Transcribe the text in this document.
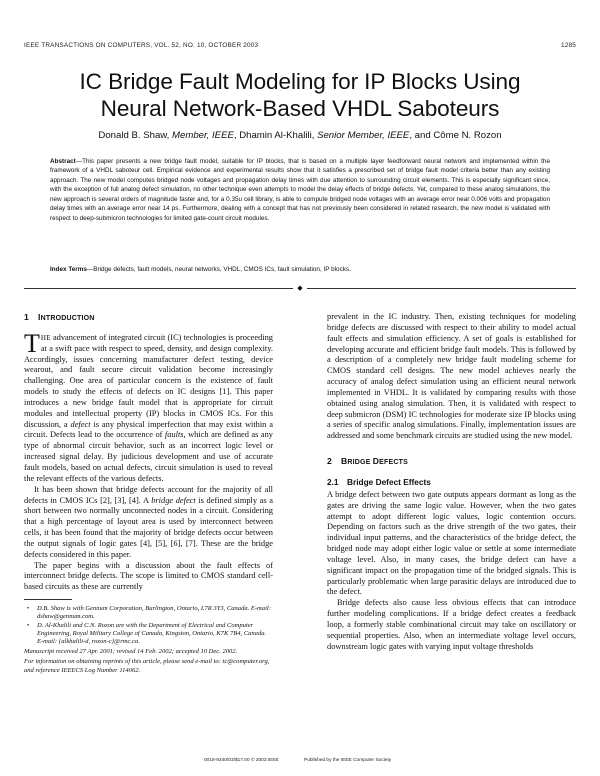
IEEE TRANSACTIONS ON COMPUTERS, VOL. 52, NO. 10, OCTOBER 2003	1285
IC Bridge Fault Modeling for IP Blocks Using
Neural Network-Based VHDL Saboteurs
Donald B. Shaw, Member, IEEE, Dhamin Al-Khalili, Senior Member, IEEE, and Côme N. Rozon
Abstract—This paper presents a new bridge fault model, suitable for IP blocks, that is based on a multiple layer feedforward neural network and implemented within the framework of a VHDL saboteur cell. Empirical evidence and experimental results show that it satisfies a prescribed set of bridge fault model criteria better than any existing approach. The new model computes bridged node voltages and propagation delay times with due attention to surrounding circuit elements. This is especially significant since, with the exception of full analog defect simulation, no other technique even attempts to model the delay effects of bridge defects. Yet, compared to these analog simulations, the new approach is several orders of magnitude faster and, for a 0.35u cell library, is able to compute bridged node voltages with an average error near 0.006 volts and propagation delay times with an average error near 14 ps. Furthermore, dealing with a concept that has not previously been considered in related research, the new model is validated with respect to deep-submicron technologies for limited gate-count circuit modules.
Index Terms—Bridge defects, fault models, neural networks, VHDL, CMOS ICs, fault simulation, IP blocks.
◆
1 INTRODUCTION

THE advancement of integrated circuit (IC) technologies is proceeding at a swift pace with respect to speed, density, and design complexity. Accordingly, issues concerning manufacturer defect testing, device wearout, and fault secure circuit validation become increasingly challenging. One area of particular concern is the existence of fault models to study the effects of defects on IC designs [1]. This paper introduces a new bridge fault model that is appropriate for circuit modules and intellectual property (IP) blocks in CMOS ICs. For this discussion, a defect is any physical imperfection that may exist within a circuit. Defects lead to the occurrence of faults, which are defined as any type of abnormal circuit behavior, such as an incorrect logic level or increased signal delay. By judicious development and use of accurate fault models, based on actual defects, circuit simulation is used to reveal the relevant effects of the various defects.

It has been shown that bridge defects account for the majority of all defects in CMOS ICs [2], [3], [4]. A bridge defect is defined simply as a short between two normally unconnected nodes in a circuit. Considering that a high percentage of layout area is used by interconnect between cells, it has been found that the majority of bridge defects occur between the output signals of logic gates [4], [5], [6], [7]. These are the bridge defects considered in this paper.

The paper begins with a discussion about the fault effects of interconnect bridge defects. The scope is limited to CMOS standard cell-based circuits as these are currently

• D.B. Shaw is with Gennum Corporation, Burlington, Ontario, L7R 3Y3, Canada. E-mail: dshaw@gennum.com.
• D. Al-Khalili and C.N. Rozon are with the Department of Electrical and Computer Engineering, Royal Military College of Canada, Kingston, Ontario, K7K 7B4, Canada. E-mail: {alkhalili-d, rozon-c}@rmc.ca.
Manuscript received 27 Apr. 2001; revised 14 Feb. 2002; accepted 10 Dec. 2002.
For information on obtaining reprints of this article, please send e-mail to: tc@computer.org, and reference IEEECS Log Number 114062.

prevalent in the IC industry. Then, existing techniques for modeling bridge defects are discussed with respect to their ability to model actual fault effects and simulation efficiency. A set of goals is established for developing accurate and efficient bridge fault models. This is followed by a description of a completely new bridge fault modeling scheme for CMOS standard cell designs. The new model achieves nearly the accuracy of analog defect simulation using an efficient neural network implemented in VHDL. It is validated by comparing results with those obtained using analog simulation. Then, it is validated with respect to deep submicron (DSM) IC technologies for moderate size IP blocks using a series of specific analog simulations. Finally, implementation issues are addressed and some benchmark circuits are studied using the new model.

2 BRIDGE DEFECTS
2.1 Bridge Defect Effects

A bridge defect between two gate outputs appears dormant as long as the gates are driving the same logic value. However, when the two gates attempt to adopt different logic values, logic contention occurs. Depending on factors such as the drive strength of the two gates, their individual input patterns, and the characteristics of the bridge defect, the bridged node may adopt either logic value or settle at some intermediate voltage level. Also, in many cases, the bridge defect can have a significant impact on the propagation time of the bridged signals. This is particularly problematic when large parasitic delays are introduced due to the defect.

Bridge defects also cause less obvious effects that can introduce further modeling complications. If a bridge defect creates a feedback loop, a formerly stable combinational circuit may take on oscillatory or sequential properties. Also, when an intermediate voltage level occurs, downstream logic gates with varying input voltage thresholds

0018-9340/03/$17.00 © 2003 IEEE	Published by the IEEE Computer Society
